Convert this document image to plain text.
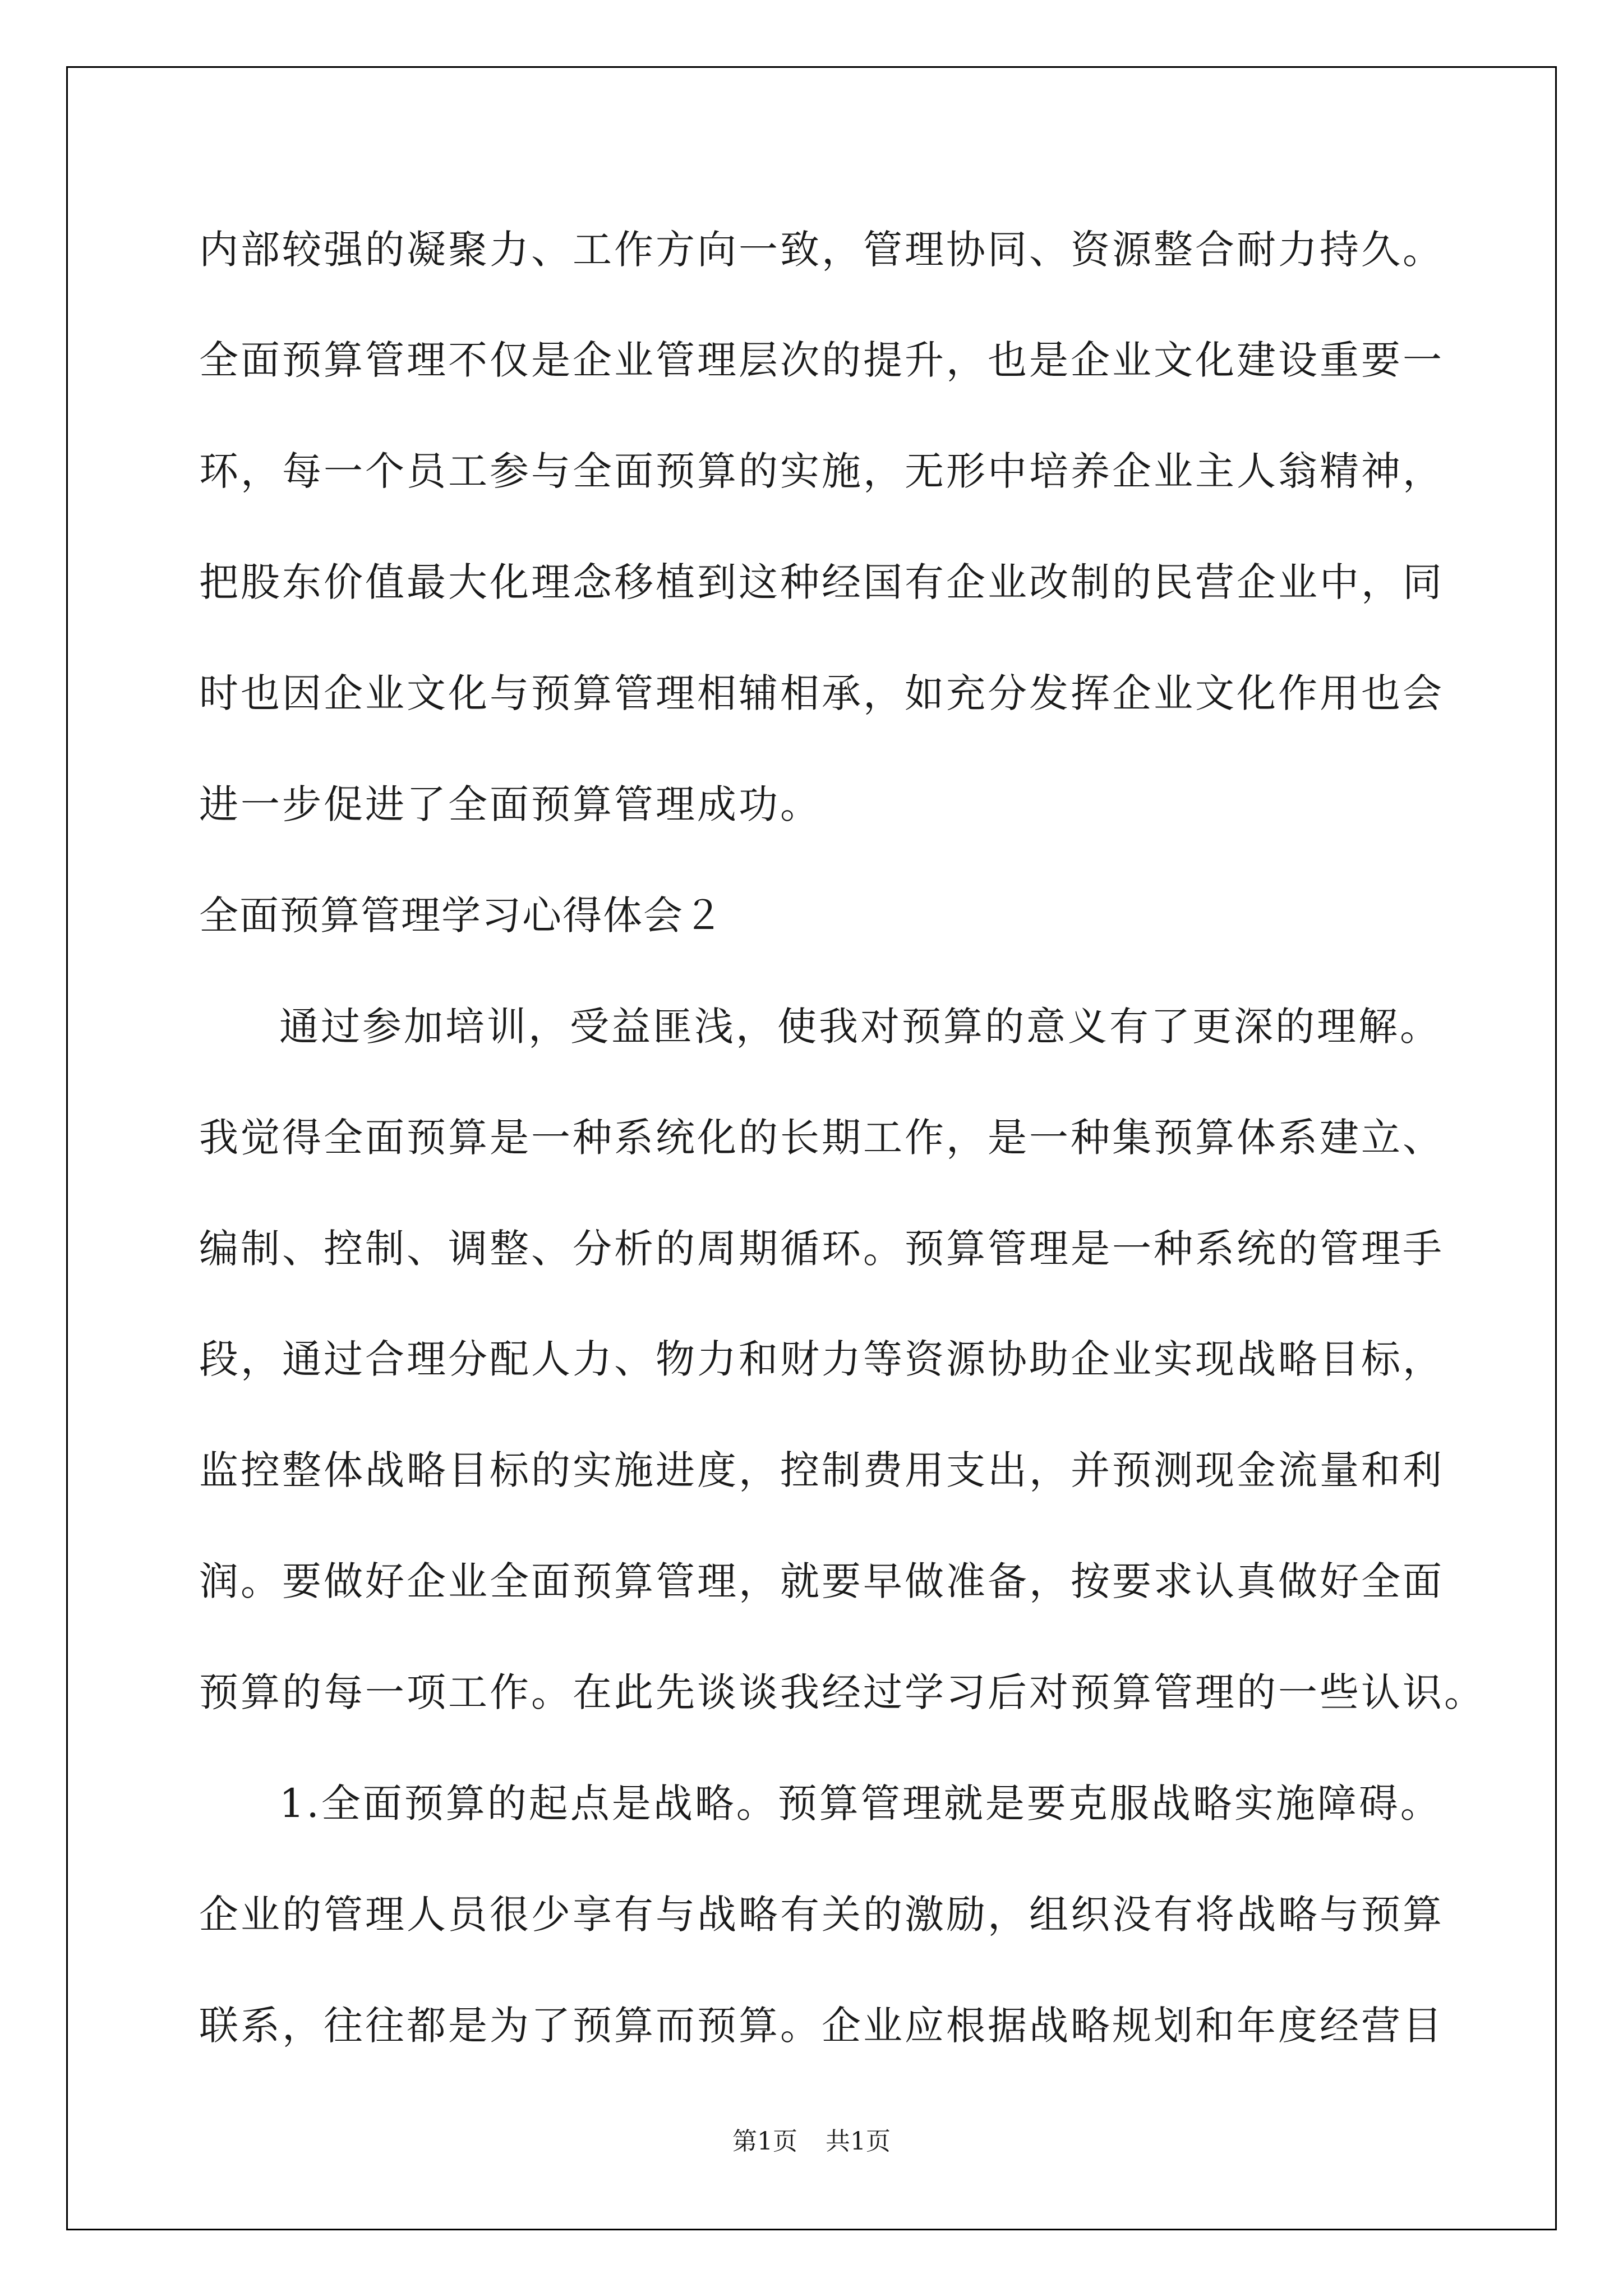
内部较强的凝聚力、工作方向一致，管理协同、资源整合耐力持久。
全面预算管理不仅是企业管理层次的提升，也是企业文化建设重要一
环，每一个员工参与全面预算的实施，无形中培养企业主人翁精神，
把股东价值最大化理念移植到这种经国有企业改制的民营企业中，同
时也因企业文化与预算管理相辅相承，如充分发挥企业文化作用也会
进一步促进了全面预算管理成功。
全面预算管理学习心得体会２
通过参加培训，受益匪浅，使我对预算的意义有了更深的理解。
我觉得全面预算是一种系统化的长期工作，是一种集预算体系建立、
编制、控制、调整、分析的周期循环。预算管理是一种系统的管理手
段，通过合理分配人力、物力和财力等资源协助企业实现战略目标，
监控整体战略目标的实施进度，控制费用支出，并预测现金流量和利
润。要做好企业全面预算管理，就要早做准备，按要求认真做好全面
预算的每一项工作。在此先谈谈我经过学习后对预算管理的一些认识。
1.全面预算的起点是战略。预算管理就是要克服战略实施障碍。
企业的管理人员很少享有与战略有关的激励，组织没有将战略与预算
联系，往往都是为了预算而预算。企业应根据战略规划和年度经营目
第1页 共1页
